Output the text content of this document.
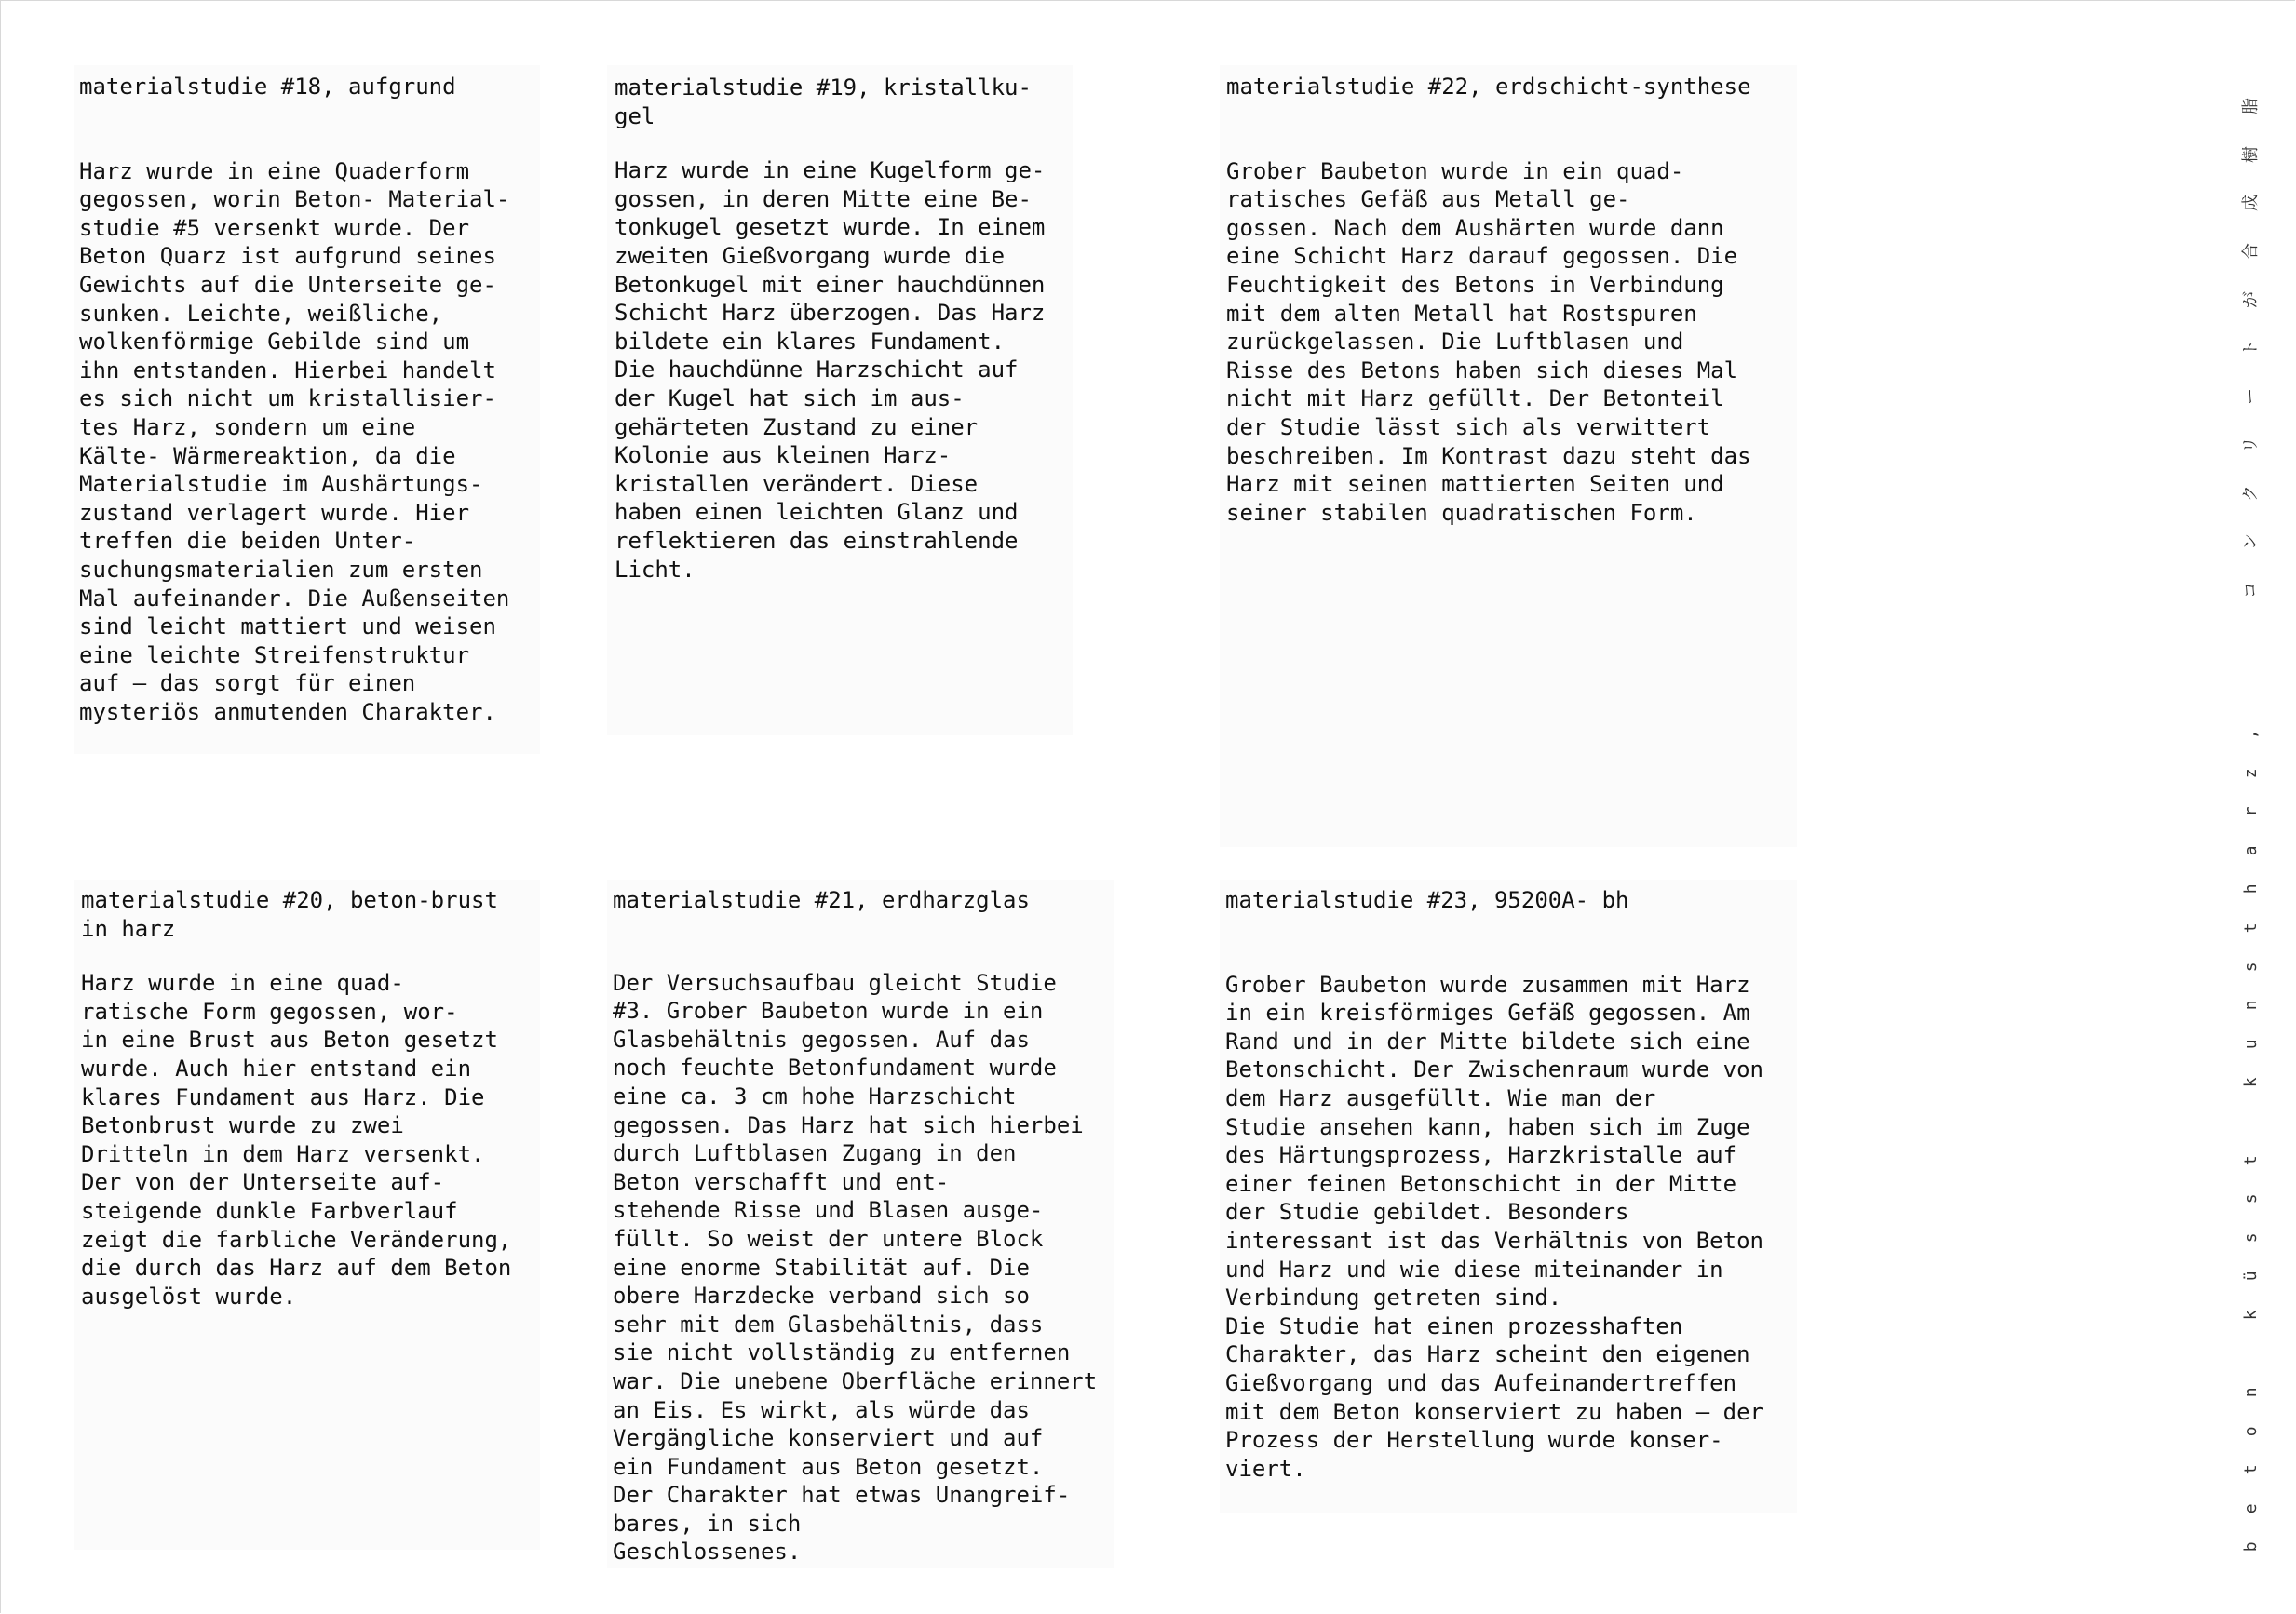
materialstudie #18, aufgrund

Harz wurde in eine Quaderform
gegossen, worin Beton- Material-
studie #5 versenkt wurde. Der
Beton Quarz ist aufgrund seines
Gewichts auf die Unterseite ge-
sunken. Leichte, weißliche,
wolkenförmige Gebilde sind um
ihn entstanden. Hierbei handelt
es sich nicht um kristallisier-
tes Harz, sondern um eine
Kälte- Wärmereaktion, da die
Materialstudie im Aushärtungs-
zustand verlagert wurde. Hier
treffen die beiden Unter-
suchungsmaterialien zum ersten
Mal aufeinander. Die Außenseiten
sind leicht mattiert und weisen
eine leichte Streifenstruktur
auf – das sorgt für einen
mysteriös anmutenden Charakter.

materialstudie #19, kristallku-
gel

Harz wurde in eine Kugelform ge-
gossen, in deren Mitte eine Be-
tonkugel gesetzt wurde. In einem
zweiten Gießvorgang wurde die
Betonkugel mit einer hauchdünnen
Schicht Harz überzogen. Das Harz
bildete ein klares Fundament.
Die hauchdünne Harzschicht auf
der Kugel hat sich im aus-
gehärteten Zustand zu einer
Kolonie aus kleinen Harz-
kristallen verändert. Diese
haben einen leichten Glanz und
reflektieren das einstrahlende
Licht.

materialstudie #22, erdschicht-synthese

Grober Baubeton wurde in ein quad-
ratisches Gefäß aus Metall ge-
gossen. Nach dem Aushärten wurde dann
eine Schicht Harz darauf gegossen. Die
Feuchtigkeit des Betons in Verbindung
mit dem alten Metall hat Rostspuren
zurückgelassen. Die Luftblasen und
Risse des Betons haben sich dieses Mal
nicht mit Harz gefüllt. Der Betonteil
der Studie lässt sich als verwittert
beschreiben. Im Kontrast dazu steht das
Harz mit seinen mattierten Seiten und
seiner stabilen quadratischen Form.

materialstudie #20, beton-brust
in harz

Harz wurde in eine quad-
ratische Form gegossen, wor-
in eine Brust aus Beton gesetzt
wurde. Auch hier entstand ein
klares Fundament aus Harz. Die
Betonbrust wurde zu zwei
Dritteln in dem Harz versenkt.
Der von der Unterseite auf-
steigende dunkle Farbverlauf
zeigt die farbliche Veränderung,
die durch das Harz auf dem Beton
ausgelöst wurde.

materialstudie #21, erdharzglas

Der Versuchsaufbau gleicht Studie
#3. Grober Baubeton wurde in ein
Glasbehältnis gegossen. Auf das
noch feuchte Betonfundament wurde
eine ca. 3 cm hohe Harzschicht
gegossen. Das Harz hat sich hierbei
durch Luftblasen Zugang in den
Beton verschafft und ent-
stehende Risse und Blasen ausge-
füllt. So weist der untere Block
eine enorme Stabilität auf. Die
obere Harzdecke verband sich so
sehr mit dem Glasbehältnis, dass
sie nicht vollständig zu entfernen
war. Die unebene Oberfläche erinnert
an Eis. Es wirkt, als würde das
Vergängliche konserviert und auf
ein Fundament aus Beton gesetzt.
Der Charakter hat etwas Unangreif-
bares, in sich
Geschlossenes.

materialstudie #23, 95200A- bh

Grober Baubeton wurde zusammen mit Harz
in ein kreisförmiges Gefäß gegossen. Am
Rand und in der Mitte bildete sich eine
Betonschicht. Der Zwischenraum wurde von
dem Harz ausgefüllt. Wie man der
Studie ansehen kann, haben sich im Zuge
des Härtungsprozess, Harzkristalle auf
einer feinen Betonschicht in der Mitte
der Studie gebildet. Besonders
interessant ist das Verhältnis von Beton
und Harz und wie diese miteinander in
Verbindung getreten sind.
Die Studie hat einen prozesshaften
Charakter, das Harz scheint den eigenen
Gießvorgang und das Aufeinandertreffen
mit dem Beton konserviert zu haben – der
Prozess der Herstellung wurde konser-
viert.

脂
樹
成
合
が
ト
ー
リ
ク
ン
コ
,
z
r
a
h
t
s
n
u
k

t
s
s
ü
k

n
o
t
e
b
